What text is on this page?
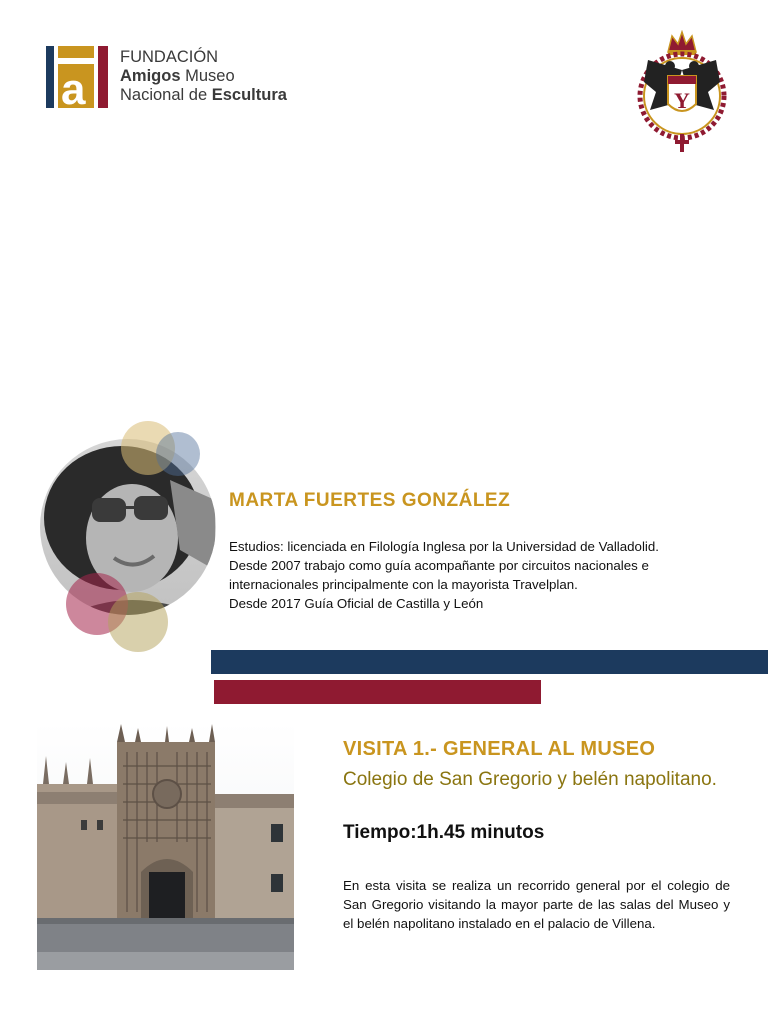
a
FUNDACIÓN
Amigos Museo
Nacional de Escultura	Y
MARTA FUERTES GONZÁLEZ
Estudios: licenciada en Filología Inglesa por la Universidad de Valladolid.
Desde 2007 trabajo como guía acompañante por circuitos nacionales e
internacionales principalmente con la mayorista Travelplan.
Desde 2017 Guía Oficial de Castilla y León
VISITA 1.- GENERAL AL MUSEO
Colegio de San Gregorio y belén napolitano.
Tiempo:1h.45 minutos
En esta visita se realiza un recorrido general por el colegio de San Gregorio visitando la mayor parte de las salas del Museo y el belén napolitano instalado en el palacio de Villena.
